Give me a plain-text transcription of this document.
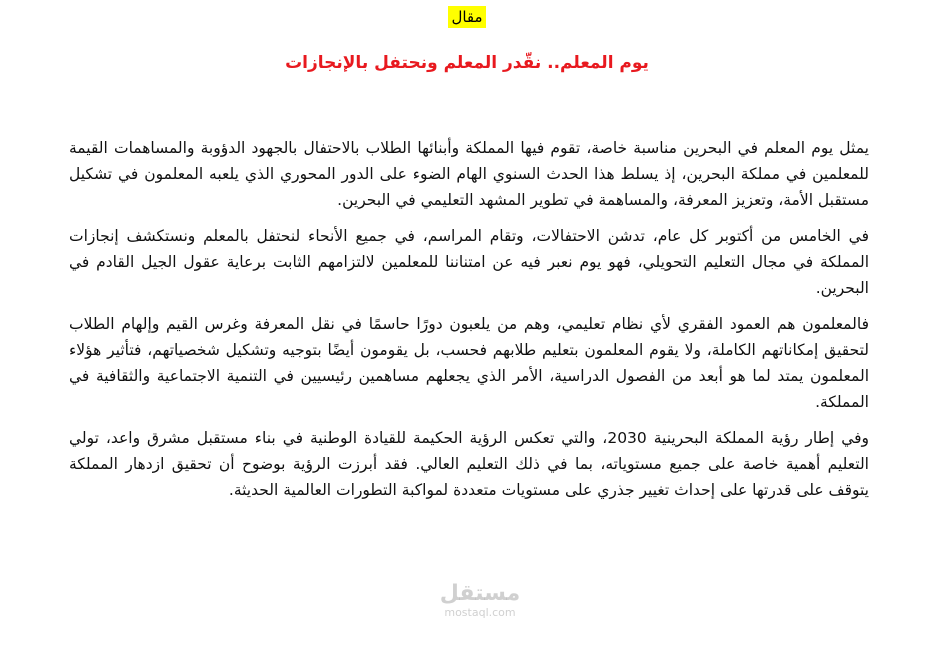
مقال
يوم المعلم.. نقّدر المعلم ونحتفل بالإنجازات

يمثل يوم المعلم في البحرين مناسبة خاصة، تقوم فيها المملكة وأبنائها الطلاب بالاحتفال بالجهود الدؤوبة والمساهمات القيمة للمعلمين في مملكة البحرين، إذ يسلط هذا الحدث السنوي الهام الضوء على الدور المحوري الذي يلعبه المعلمون في تشكيل مستقبل الأمة، وتعزيز المعرفة، والمساهمة في تطوير المشهد التعليمي في البحرين.

في الخامس من أكتوبر كل عام، تدشن الاحتفالات، وتقام المراسم، في جميع الأنحاء لنحتفل بالمعلم ونستكشف إنجازات المملكة في مجال التعليم التحويلي، فهو يوم نعبر فيه عن امتناننا للمعلمين لالتزامهم الثابت برعاية عقول الجيل القادم في البحرين.

فالمعلمون هم العمود الفقري لأي نظام تعليمي، وهم من يلعبون دورًا حاسمًا في نقل المعرفة وغرس القيم وإلهام الطلاب لتحقيق إمكاناتهم الكاملة، ولا يقوم المعلمون بتعليم طلابهم فحسب، بل يقومون أيضًا بتوجيه وتشكيل شخصياتهم، فتأثير هؤلاء المعلمون يمتد لما هو أبعد من الفصول الدراسية، الأمر الذي يجعلهم مساهمين رئيسيين في التنمية الاجتماعية والثقافية في المملكة.

وفي إطار رؤية المملكة البحرينية 2030، والتي تعكس الرؤية الحكيمة للقيادة الوطنية في بناء مستقبل مشرق واعد، تولي التعليم أهمية خاصة على جميع مستوياته، بما في ذلك التعليم العالي. فقد أبرزت الرؤية بوضوح أن تحقيق ازدهار المملكة يتوقف على قدرتها على إحداث تغيير جذري على مستويات متعددة لمواكبة التطورات العالمية الحديثة.

مستقل
mostaql.com
